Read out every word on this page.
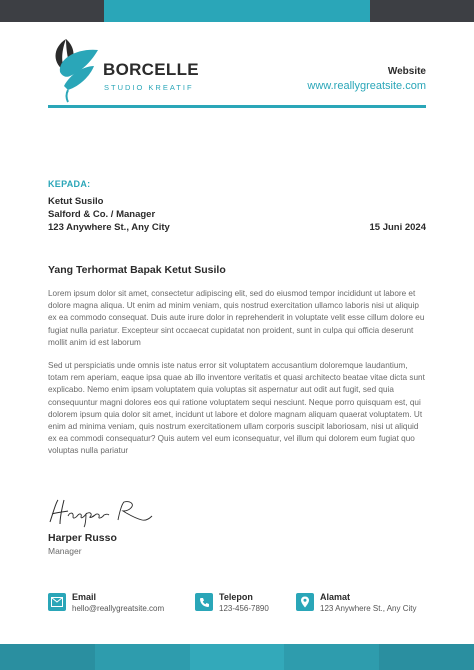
BORCELLE
STUDIO KREATIF
Website
www.reallygreatsite.com
KEPADA:
Ketut Susilo
Salford & Co. / Manager
123 Anywhere St., Any City	15 Juni 2024
Yang Terhormat Bapak Ketut Susilo

Lorem ipsum dolor sit amet, consectetur adipiscing elit, sed do eiusmod tempor incididunt ut labore et dolore magna aliqua. Ut enim ad minim veniam, quis nostrud exercitation ullamco laboris nisi ut aliquip ex ea commodo consequat. Duis aute irure dolor in reprehenderit in voluptate velit esse cillum dolore eu fugiat nulla pariatur. Excepteur sint occaecat cupidatat non proident, sunt in culpa qui officia deserunt mollit anim id est laborum

Sed ut perspiciatis unde omnis iste natus error sit voluptatem accusantium doloremque laudantium, totam rem aperiam, eaque ipsa quae ab illo inventore veritatis et quasi architecto beatae vitae dicta sunt explicabo. Nemo enim ipsam voluptatem quia voluptas sit aspernatur aut odit aut fugit, sed quia consequuntur magni dolores eos qui ratione voluptatem sequi nesciunt. Neque porro quisquam est, qui dolorem ipsum quia dolor sit amet, incidunt ut labore et dolore magnam aliquam quaerat voluptatem. Ut enim ad minima veniam, quis nostrum exercitationem ullam corporis suscipit laboriosam, nisi ut aliquid ex ea commodi consequatur? Quis autem vel eum iconsequatur, vel illum qui dolorem eum fugiat quo voluptas nulla pariatur

Harper Russo
Manager
Email
hello@reallygreatsite.com
Telepon
123-456-7890
Alamat
123 Anywhere St., Any City
